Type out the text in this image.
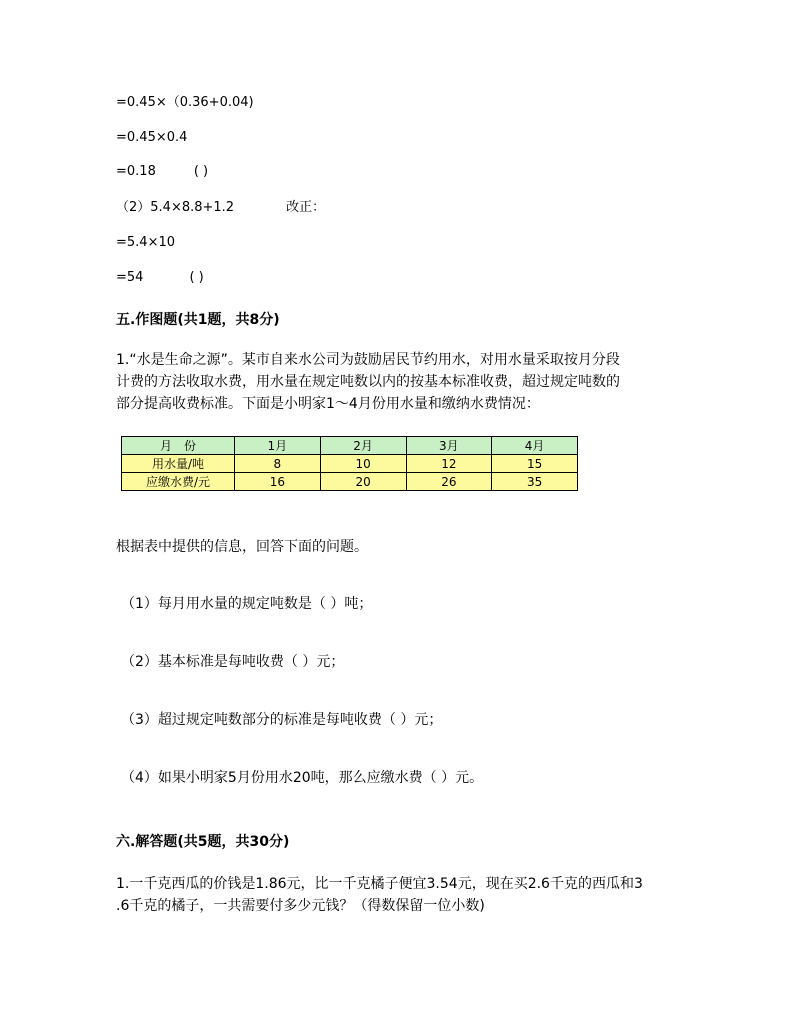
=0.45×（0.36+0.04)
=0.45×0.4
=0.18	( )
（2）5.4×8.8+1.2	改正：
=5.4×10
=54	( )
五.作图题(共1题，共8分)
1.“水是生命之源”。某市自来水公司为鼓励居民节约用水，对用水量采取按月分段
计费的方法收取水费，用水量在规定吨数以内的按基本标准收费，超过规定吨数的
部分提高收费标准。下面是小明家1～4月份用水量和缴纳水费情况：
月　份	1月	2月	3月	4月
用水量/吨	8	10	12	15
应缴水费/元	16	20	26	35
根据表中提供的信息，回答下面的问题。
（1）每月用水量的规定吨数是（ ）吨；
（2）基本标准是每吨收费（ ）元；
（3）超过规定吨数部分的标准是每吨收费（ ）元；
（4）如果小明家5月份用水20吨，那么应缴水费（ ）元。
六.解答题(共5题，共30分)
1.一千克西瓜的价钱是1.86元，比一千克橘子便宜3.54元，现在买2.6千克的西瓜和3
.6千克的橘子，一共需要付多少元钱？（得数保留一位小数)
